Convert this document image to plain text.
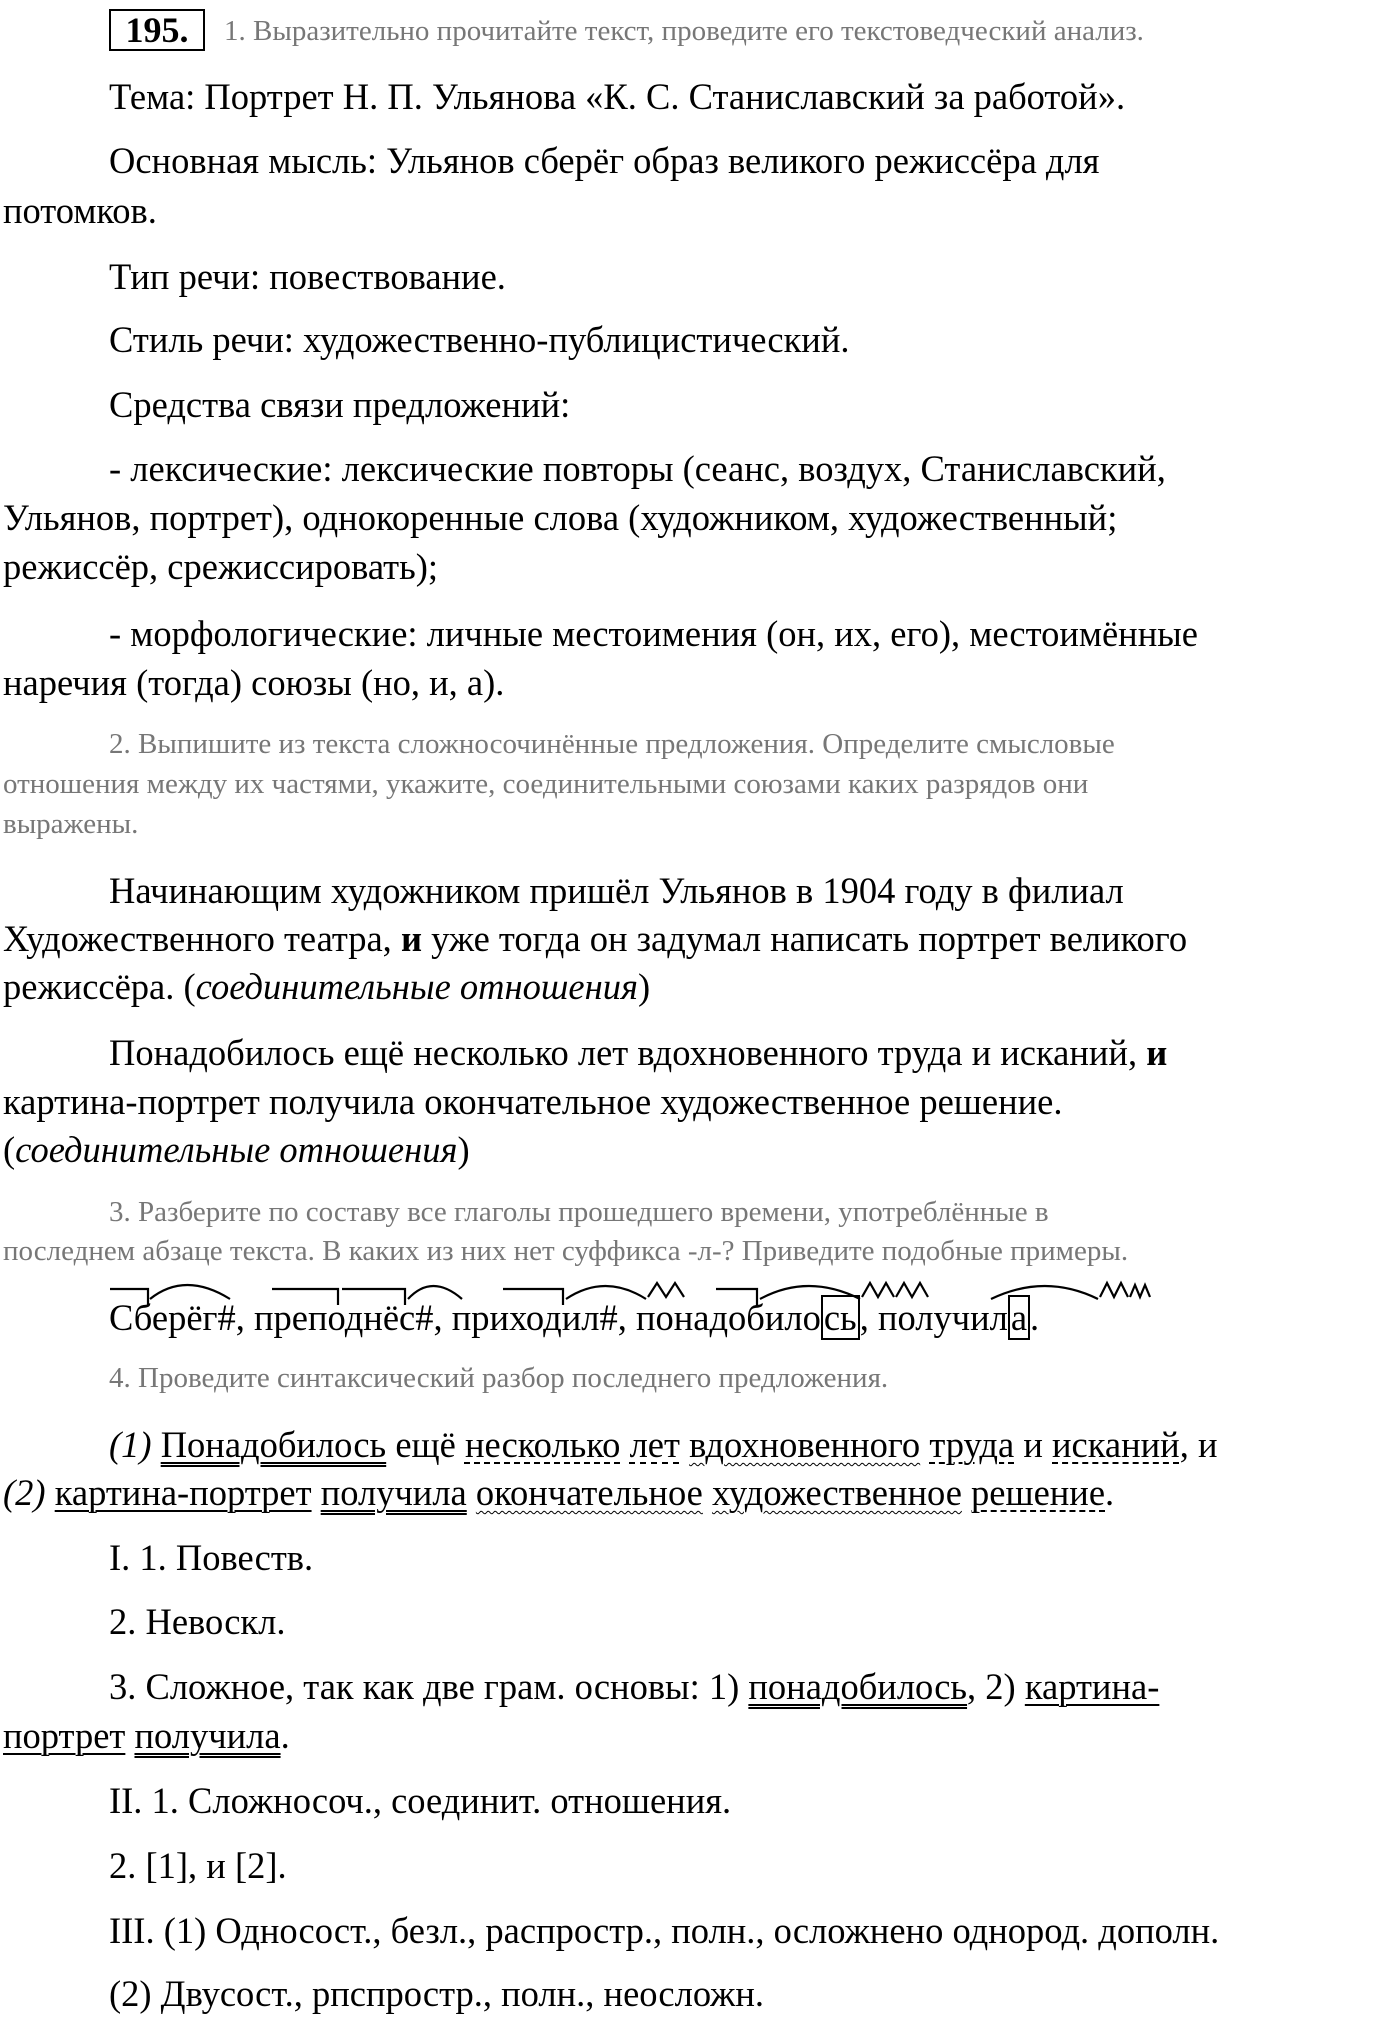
195.	1. Выразительно прочитайте текст, проведите его текстоведческий анализ.
Тема: Портрет Н. П. Ульянова «К. С. Станиславский за работой».
Основная мысль: Ульянов сберёг образ великого режиссёра для
потомков.
Тип речи: повествование.
Стиль речи: художественно-публицистический.
Средства связи предложений:
- лексические: лексические повторы (сеанс, воздух, Станиславский,
Ульянов, портрет), однокоренные слова (художником, художественный;
режиссёр, срежиссировать);
- морфологические: личные местоимения (он, их, его), местоимённые
наречия (тогда) союзы (но, и, а).
2. Выпишите из текста сложносочинённые предложения. Определите смысловые
отношения между их частями, укажите, соединительными союзами каких разрядов они
выражены.
Начинающим художником пришёл Ульянов в 1904 году в филиал
Художественного театра, и уже тогда он задумал написать портрет великого
режиссёра. (соединительные отношения)
Понадобилось ещё несколько лет вдохновенного труда и исканий, и
картина-портрет получила окончательное художественное решение.
(соединительные отношения)
3. Разберите по составу все глаголы прошедшего времени, употреблённые в
последнем абзаце текста. В каких из них нет суффикса -л-? Приведите подобные примеры.
Сберёг#, преподнёс#, приходил#, понадобилось, получила.
4. Проведите синтаксический разбор последнего предложения.
(1) Понадобилось ещё несколько лет вдохновенного труда и исканий, и
(2) картина-портрет получила окончательное художественное решение.
I. 1. Повеств.
2. Невоскл.
3. Сложное, так как две грам. основы: 1) понадобилось, 2) картина-
портрет получила.
II. 1. Сложносоч., соединит. отношения.
2. [1], и [2].
III. (1) Односост., безл., распростр., полн., осложнено однород. дополн.
(2) Двусост., рпспростр., полн., неосложн.
